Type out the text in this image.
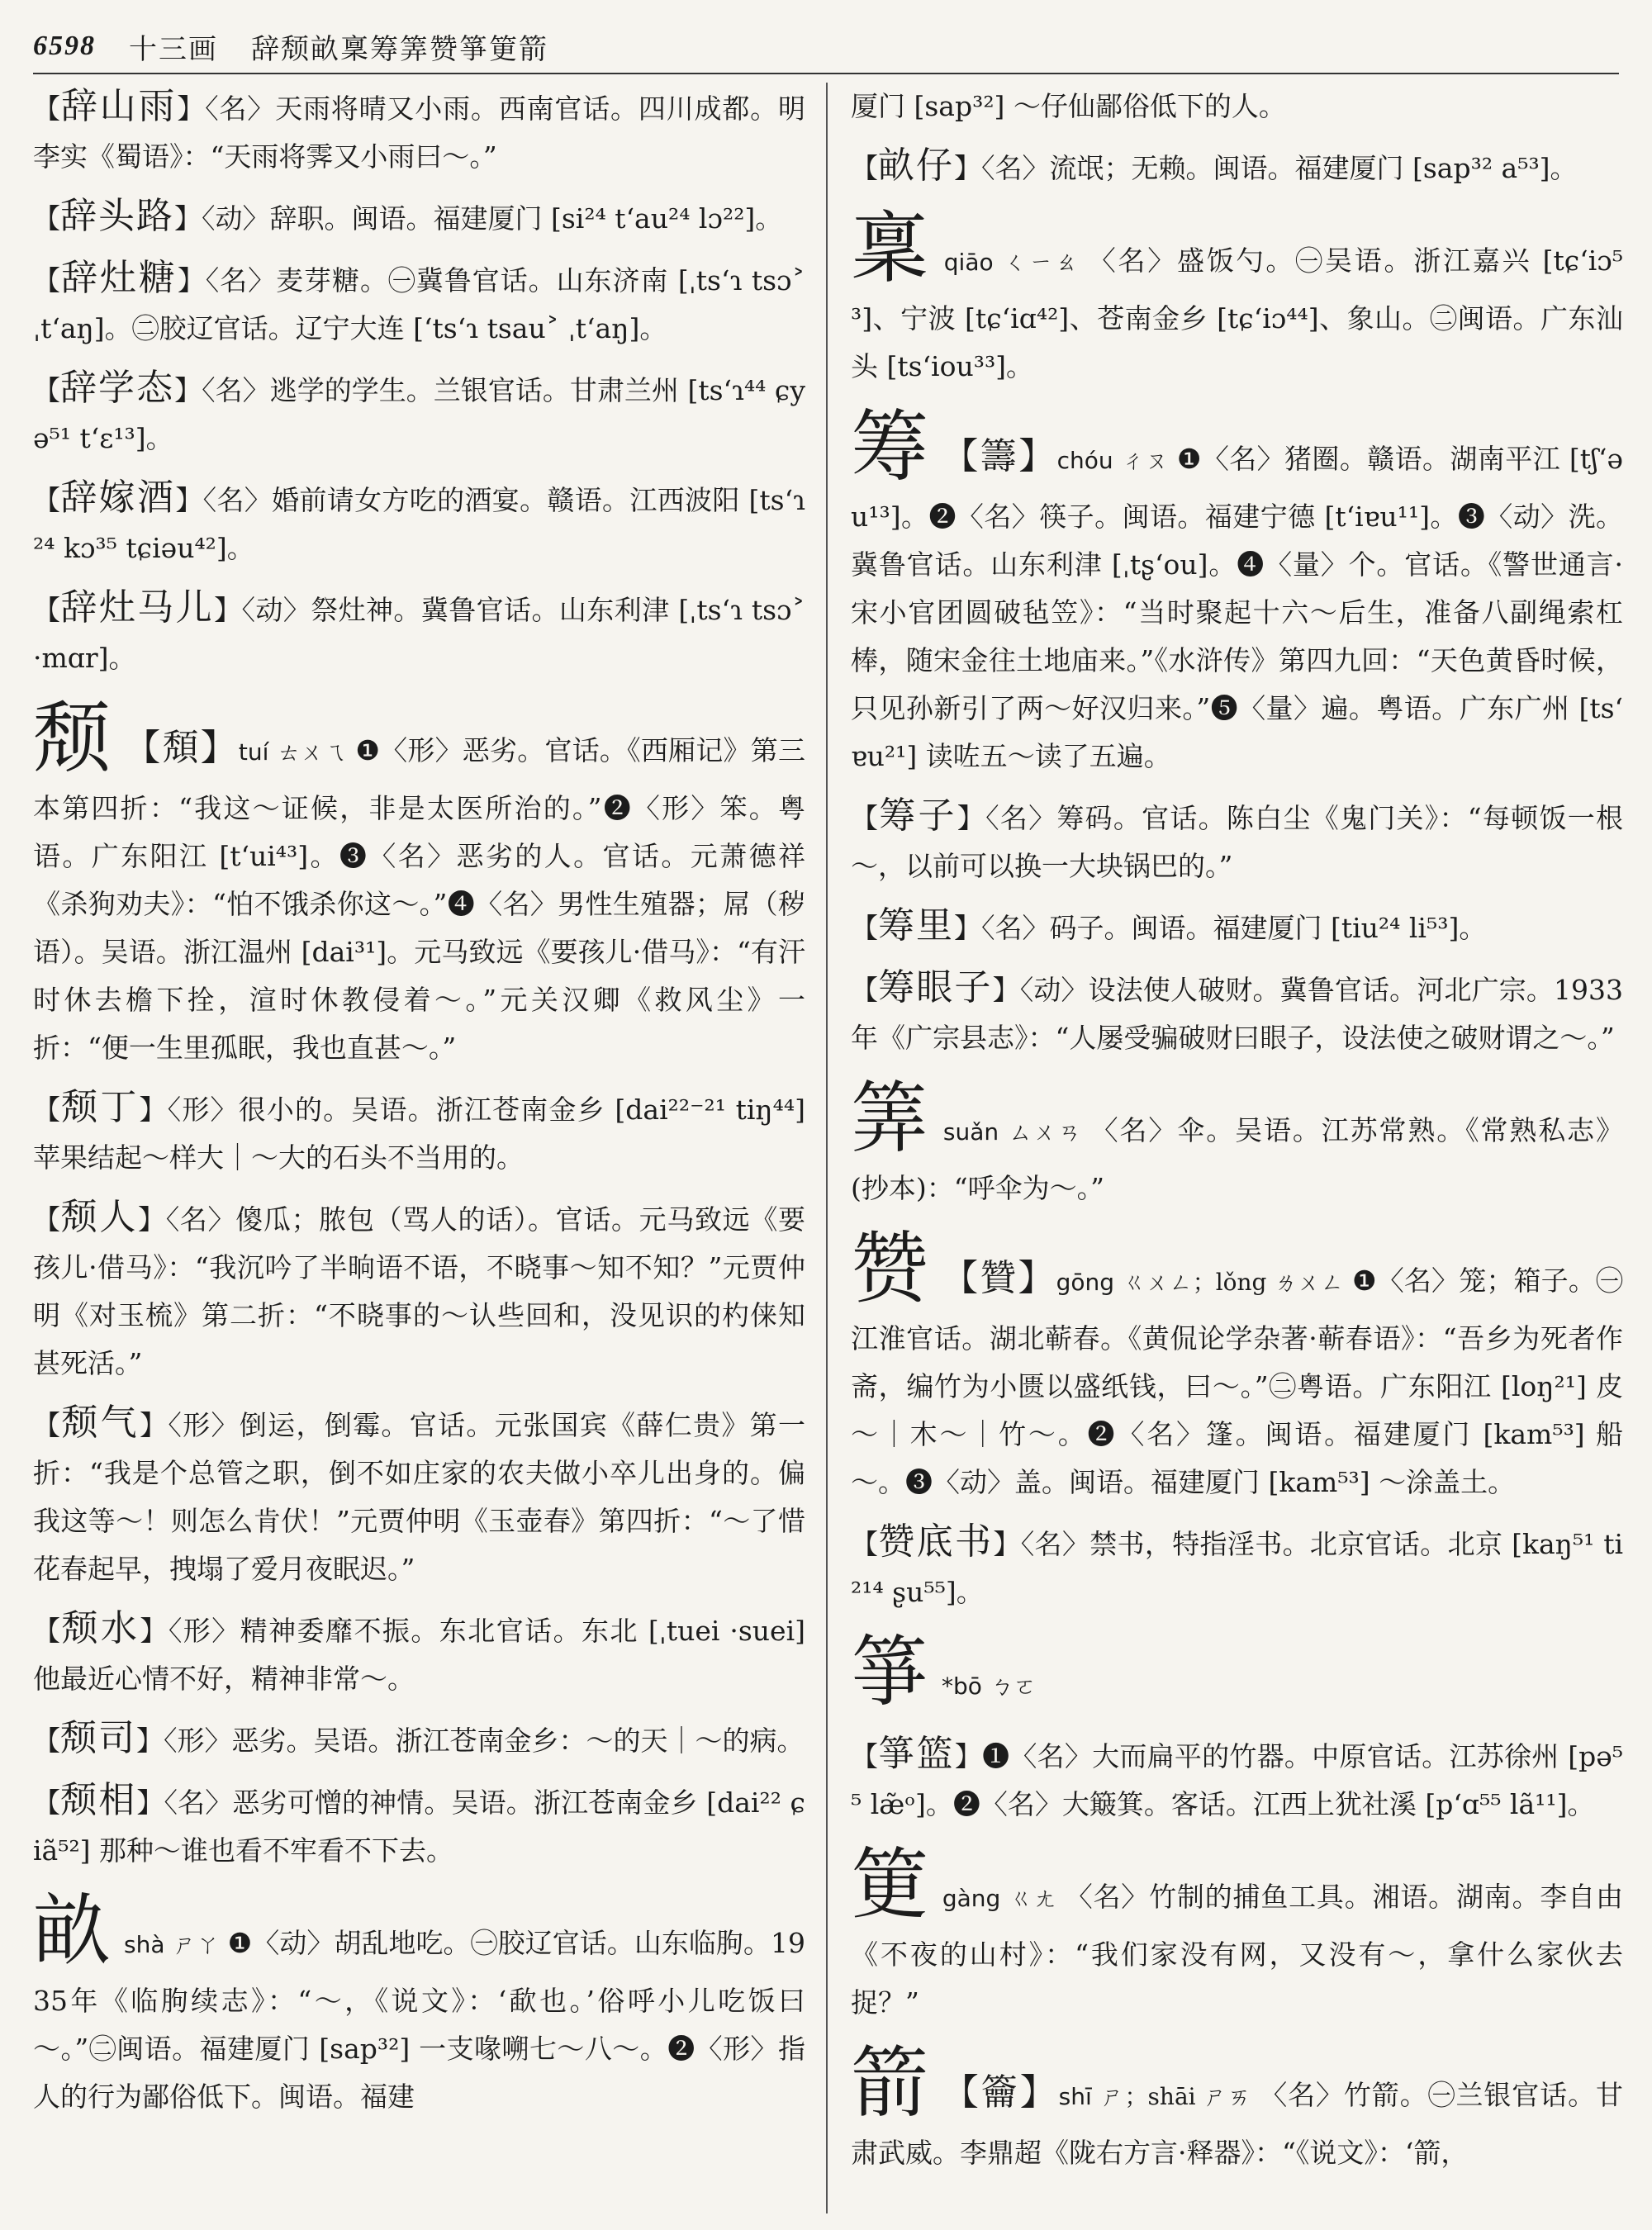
6598 十三画 辞颓畝稟筹筭赞箏筻箭
【辞山雨】〈名〉天雨将晴又小雨。西南官话。四川成都。明李实《蜀语》：“天雨将霁又小雨曰～。”
【辞头路】〈动〉辞职。闽语。福建厦门 [si²⁴ tʻau²⁴ lɔ²²]。
【辞灶糖】〈名〉麦芽糖。㊀冀鲁官话。山东济南 [ˌtsʻɿ tsɔ˃ ˌtʻaŋ]。㊁胶辽官话。辽宁大连 [ʻtsʻɿ tsau˃ ˌtʻaŋ]。
【辞学态】〈名〉逃学的学生。兰银官话。甘肃兰州 [tsʻɿ⁴⁴ ɕyə⁵¹ tʻɛ¹³]。
【辞嫁酒】〈名〉婚前请女方吃的酒宴。赣语。江西波阳 [tsʻɿ²⁴ kɔ³⁵ tɕiəu⁴²]。
【辞灶马儿】〈动〉祭灶神。冀鲁官话。山东利津 [ˌtsʻɿ tsɔ˃ ·mɑr]。
颓 【頽】tuí ㄊㄨㄟ ❶〈形〉恶劣。官话。《西厢记》第三本第四折：“我这～证候，非是太医所治的。”❷〈形〉笨。粤语。广东阳江 [tʻui⁴³]。❸〈名〉恶劣的人。官话。元萧德祥《杀狗劝夫》：“怕不饿杀你这～。”❹〈名〉男性生殖器；屌（秽语）。吴语。浙江温州 [dai³¹]。元马致远《要孩儿·借马》：“有汗时休去檐下拴，渲时休教侵着～。”元关汉卿《救风尘》一折：“便一生里孤眠，我也直甚～。”
【颓丁】〈形〉很小的。吴语。浙江苍南金乡 [dai²²⁻²¹ tiŋ⁴⁴] 苹果结起～样大｜～大的石头不当用的。
【颓人】〈名〉傻瓜；脓包（骂人的话）。官话。元马致远《要孩儿·借马》：“我沉吟了半晌语不语，不晓事～知不知？”元贾仲明《对玉梳》第二折：“不晓事的～认些回和，没见识的杓俫知甚死活。”
【颓气】〈形〉倒运，倒霉。官话。元张国宾《薛仁贵》第一折：“我是个总管之职，倒不如庄家的农夫做小卒儿出身的。偏我这等～！则怎么肯伏！”元贾仲明《玉壶春》第四折：“～了惜花春起早，拽塌了爱月夜眠迟。”
【颓水】〈形〉精神委靡不振。东北官话。东北 [ˌtuei ·suei] 他最近心情不好，精神非常～。
【颓司】〈形〉恶劣。吴语。浙江苍南金乡：～的天｜～的病。
【颓相】〈名〉恶劣可憎的神情。吴语。浙江苍南金乡 [dai²² ɕiã⁵²] 那种～谁也看不牢看不下去。
畝shà ㄕㄚ ❶〈动〉胡乱地吃。㊀胶辽官话。山东临朐。1935年《临朐续志》：“～，《说文》：‘歃也。’俗呼小儿吃饭曰～。”㊁闽语。福建厦门 [sap³²] 一支喙嗍七～八～。❷〈形〉指人的行为鄙俗低下。闽语。福建
厦门 [sap³²] ～仔仙鄙俗低下的人。
【畝仔】〈名〉流氓；无赖。闽语。福建厦门 [sap³² a⁵³]。
稟qiāo ㄑㄧㄠ 〈名〉盛饭勺。㊀吴语。浙江嘉兴 [tɕʻiɔ⁵³]、宁波 [tɕʻiɑ⁴²]、苍南金乡 [tɕʻiɔ⁴⁴]、象山。㊁闽语。广东汕头 [tsʻiou³³]。
筹 【籌】chóu ㄔㄡ ❶〈名〉猪圈。赣语。湖南平江 [tʃʻəu¹³]。❷〈名〉筷子。闽语。福建宁德 [tʻiɐu¹¹]。❸〈动〉洗。冀鲁官话。山东利津 [ˌtʂʻou]。❹〈量〉个。官话。《警世通言·宋小官团圆破毡笠》：“当时聚起十六～后生，准备八副绳索杠棒，随宋金往土地庙来。”《水浒传》第四九回：“天色黄昏时候，只见孙新引了两～好汉归来。”❺〈量〉遍。粤语。广东广州 [tsʻɐu²¹] 读咗五～读了五遍。
【筹子】〈名〉筹码。官话。陈白尘《鬼门关》：“每顿饭一根～，以前可以换一大块锅巴的。”
【筹里】〈名〉码子。闽语。福建厦门 [tiu²⁴ li⁵³]。
【筹眼子】〈动〉设法使人破财。冀鲁官话。河北广宗。1933年《广宗县志》：“人屡受骗破财曰眼子，设法使之破财谓之～。”
筭suǎn ㄙㄨㄢ 〈名〉伞。吴语。江苏常熟。《常熟私志》(抄本)：“呼伞为～。”
赞 【贊】gōng ㄍㄨㄥ；lǒng ㄌㄨㄥ ❶〈名〉笼；箱子。㊀江淮官话。湖北蕲春。《黄侃论学杂著·蕲春语》：“吾乡为死者作斋，编竹为小匮以盛纸钱，曰～。”㊁粤语。广东阳江 [loŋ²¹] 皮～｜木～｜竹～。❷〈名〉篷。闽语。福建厦门 [kam⁵³] 船～。❸〈动〉盖。闽语。福建厦门 [kam⁵³] ～涂盖土。
【赞底书】〈名〉禁书，特指淫书。北京官话。北京 [kaŋ⁵¹ ti²¹⁴ ʂu⁵⁵]。
箏 *bō ㄅㄛ
【箏篮】❶〈名〉大而扁平的竹器。中原官话。江苏徐州 [pə⁵⁵ læ̃ᵒ]。❷〈名〉大簸箕。客话。江西上犹社溪 [pʻɑ⁵⁵ lã¹¹]。
筻gàng ㄍㄤ 〈名〉竹制的捕鱼工具。湘语。湖南。李自由《不夜的山村》：“我们家没有网，又没有～，拿什么家伙去捉？”
箭 【籥】shī ㄕ；shāi ㄕㄞ 〈名〉竹箭。㊀兰银官话。甘肃武威。李鼎超《陇右方言·释器》：“《说文》：‘箭，
